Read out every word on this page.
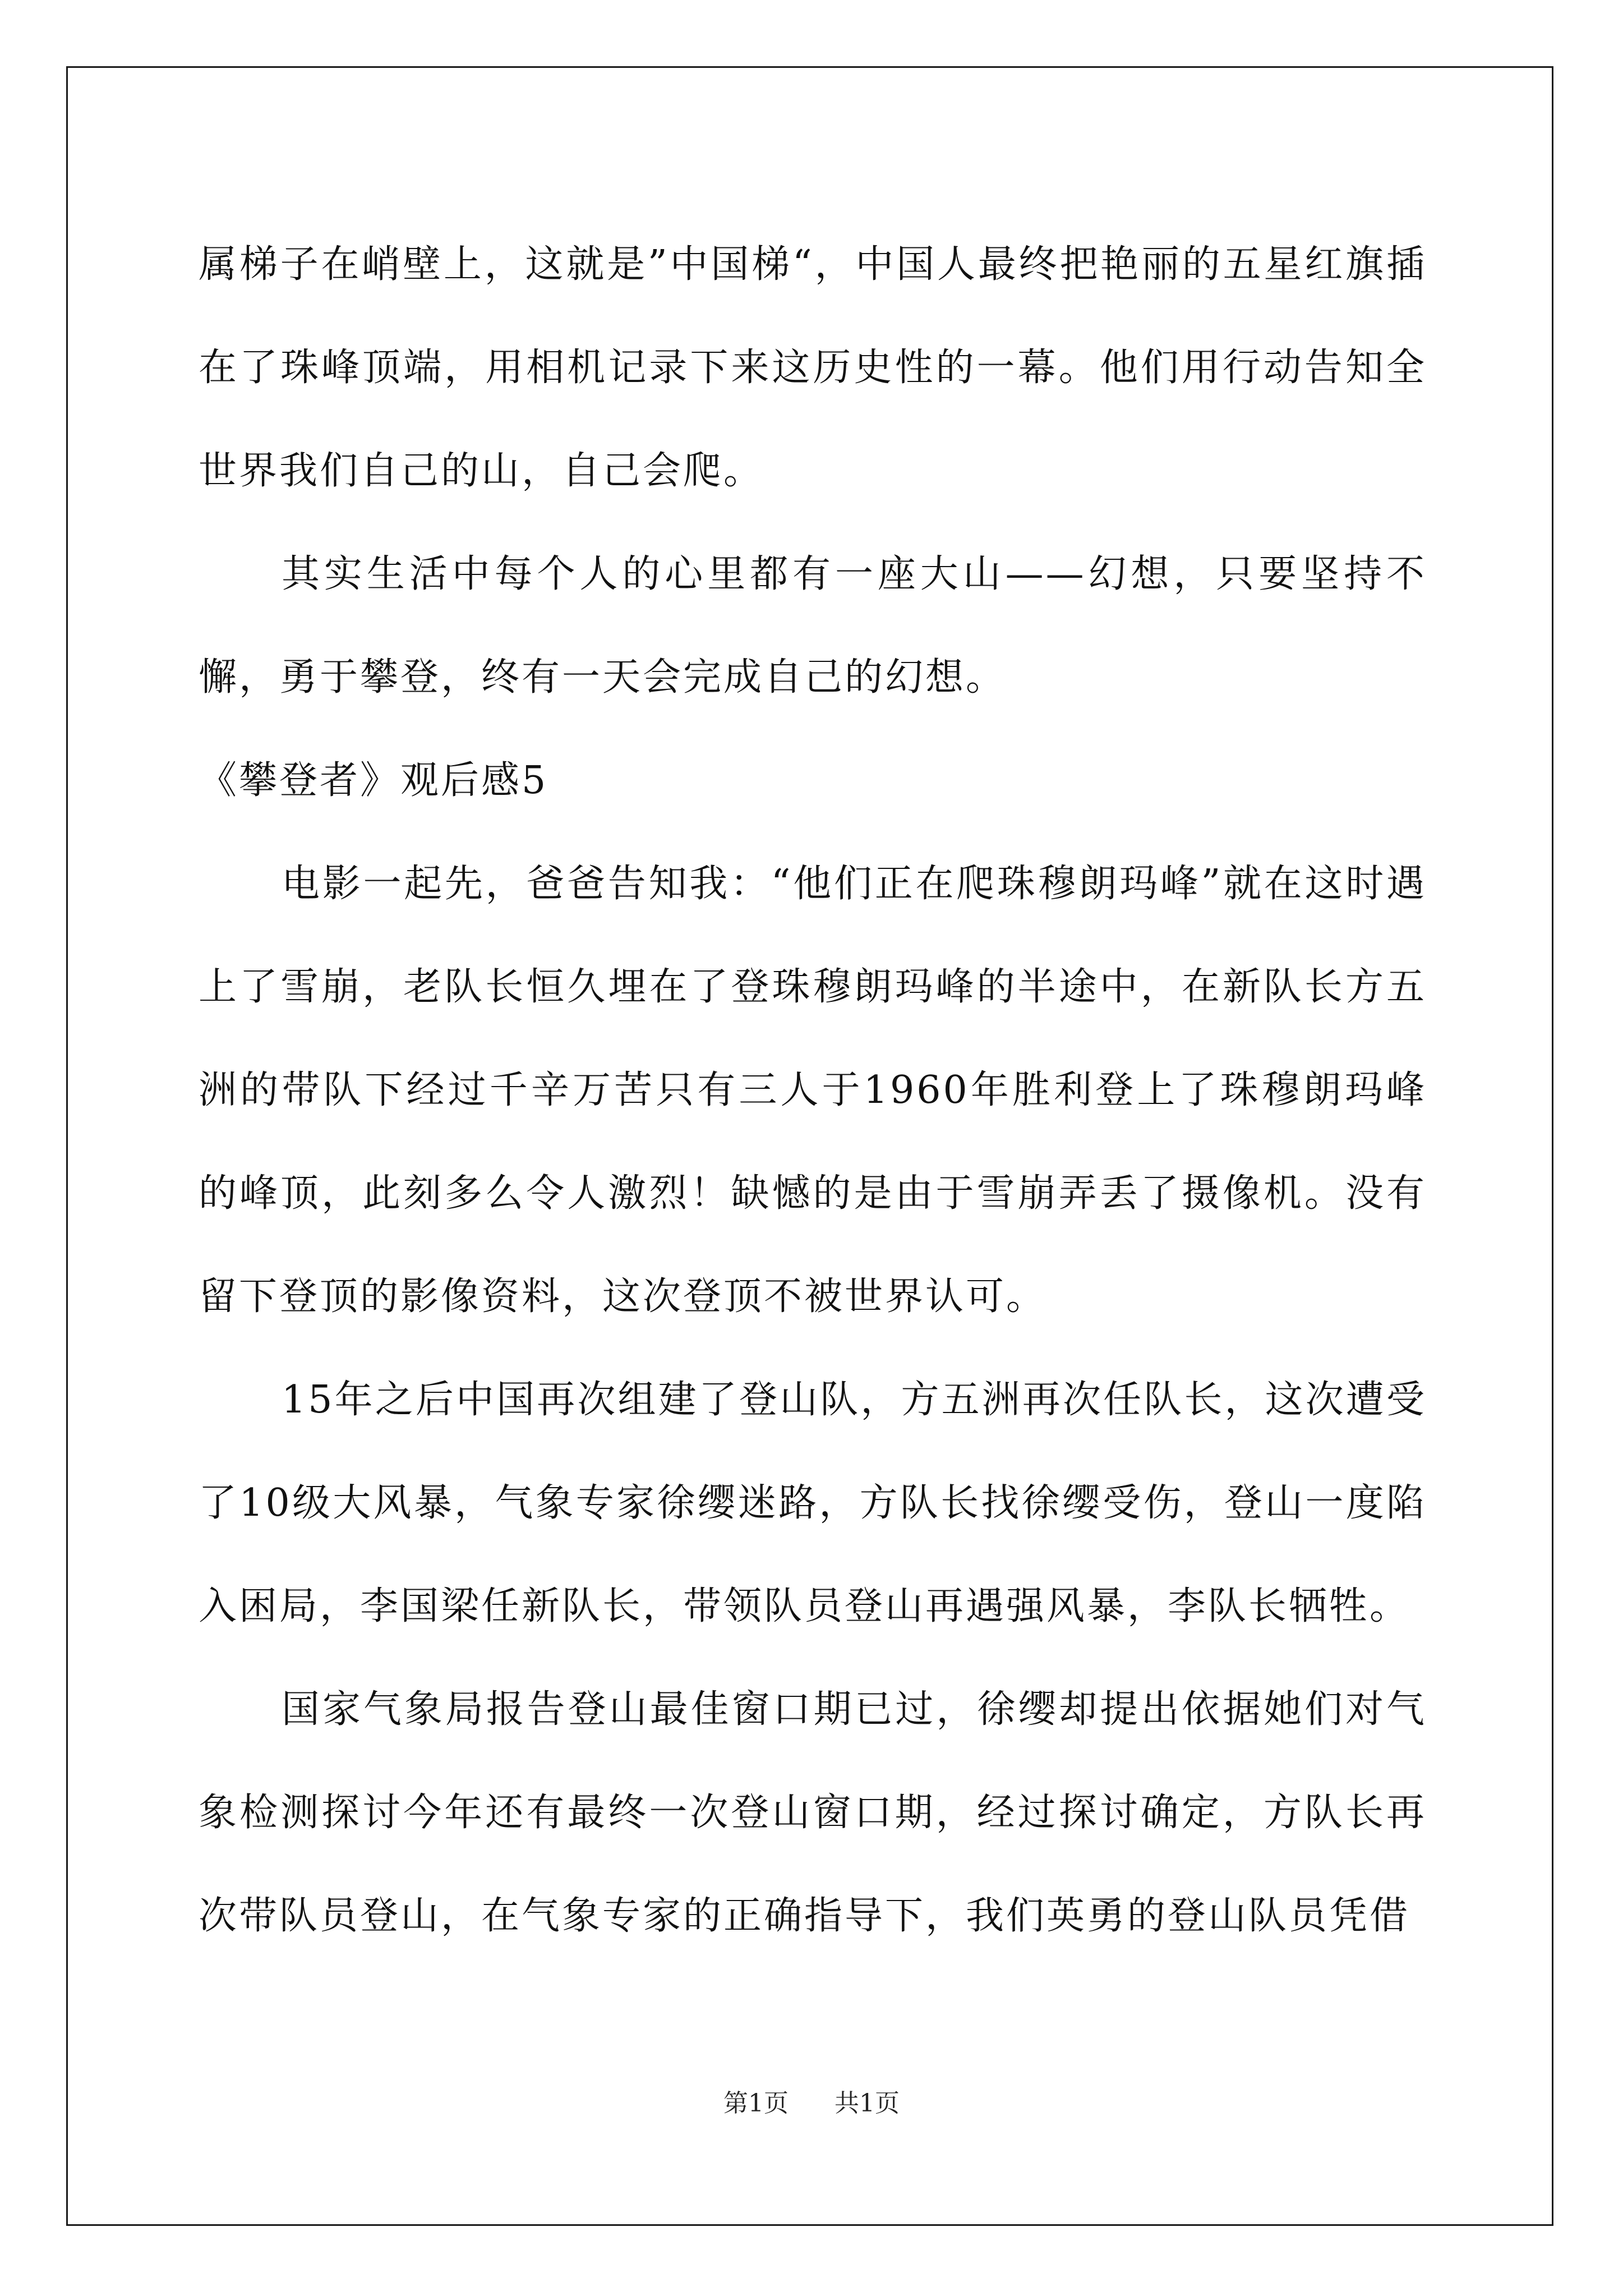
属梯子在峭壁上，这就是”中国梯“，中国人最终把艳丽的五星红旗插在了珠峰顶端，用相机记录下来这历史性的一幕。他们用行动告知全世界我们自己的山，自己会爬。

其实生活中每个人的心里都有一座大山——幻想，只要坚持不懈，勇于攀登，终有一天会完成自己的幻想。

《攀登者》观后感5

电影一起先，爸爸告知我：“他们正在爬珠穆朗玛峰”就在这时遇上了雪崩，老队长恒久埋在了登珠穆朗玛峰的半途中，在新队长方五洲的带队下经过千辛万苦只有三人于1960年胜利登上了珠穆朗玛峰的峰顶，此刻多么令人激烈！缺憾的是由于雪崩弄丢了摄像机。没有留下登顶的影像资料，这次登顶不被世界认可。

15年之后中国再次组建了登山队，方五洲再次任队长，这次遭受了10级大风暴，气象专家徐缨迷路，方队长找徐缨受伤，登山一度陷入困局，李国梁任新队长，带领队员登山再遇强风暴，李队长牺牲。

国家气象局报告登山最佳窗口期已过，徐缨却提出依据她们对气象检测探讨今年还有最终一次登山窗口期，经过探讨确定，方队长再次带队员登山，在气象专家的正确指导下，我们英勇的登山队员凭借

第1页 共1页
